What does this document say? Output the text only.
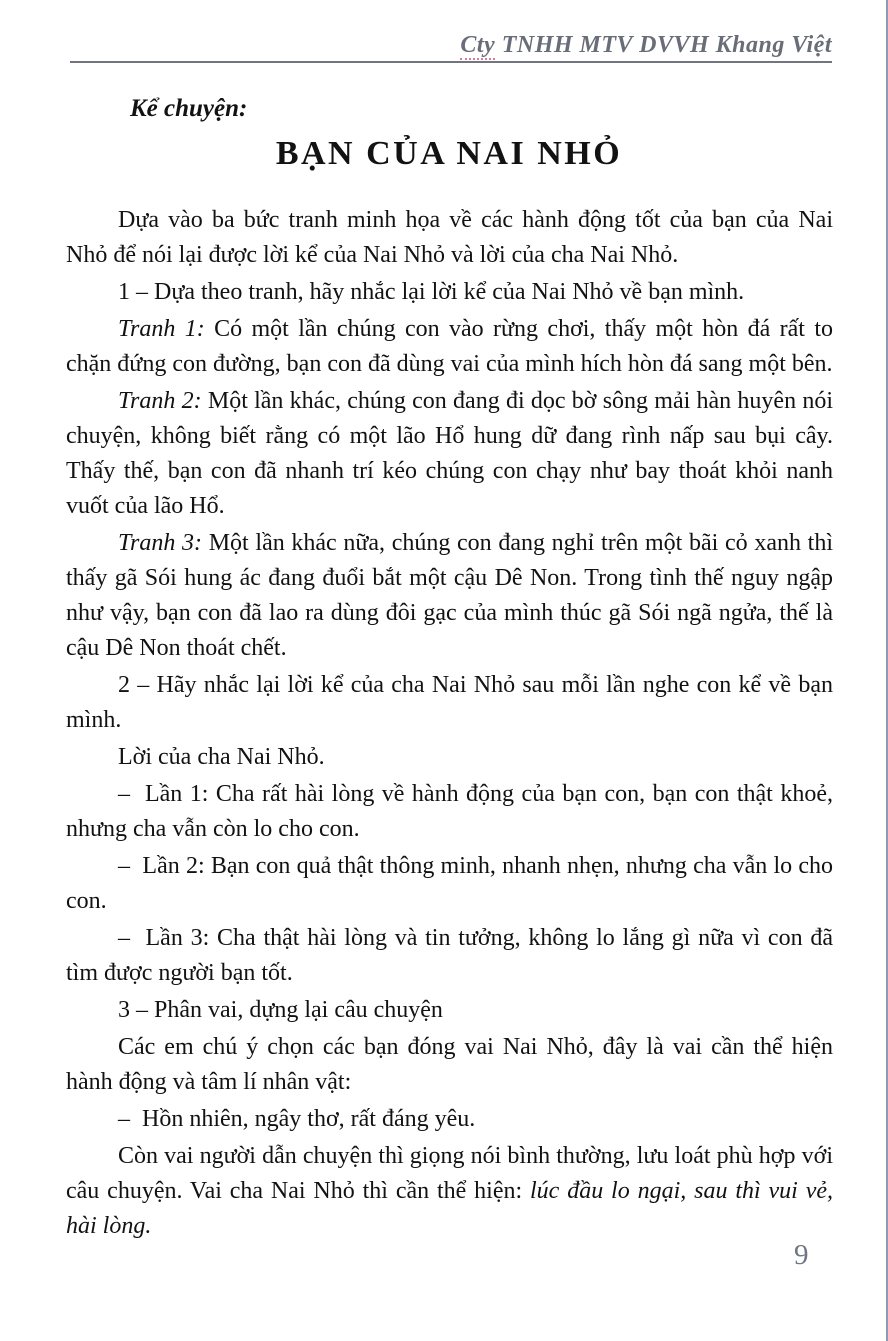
Cty TNHH MTV DVVH Khang Việt
Kể chuyện:
BẠN CỦA NAI NHỎ

Dựa vào ba bức tranh minh họa về các hành động tốt của bạn của Nai Nhỏ để nói lại được lời kể của Nai Nhỏ và lời của cha Nai Nhỏ.

1 – Dựa theo tranh, hãy nhắc lại lời kể của Nai Nhỏ về bạn mình.

Tranh 1: Có một lần chúng con vào rừng chơi, thấy một hòn đá rất to chặn đứng con đường, bạn con đã dùng vai của mình hích hòn đá sang một bên.

Tranh 2: Một lần khác, chúng con đang đi dọc bờ sông mải hàn huyên nói chuyện, không biết rằng có một lão Hổ hung dữ đang rình nấp sau bụi cây. Thấy thế, bạn con đã nhanh trí kéo chúng con chạy như bay thoát khỏi nanh vuốt của lão Hổ.

Tranh 3: Một lần khác nữa, chúng con đang nghỉ trên một bãi cỏ xanh thì thấy gã Sói hung ác đang đuổi bắt một cậu Dê Non. Trong tình thế nguy ngập như vậy, bạn con đã lao ra dùng đôi gạc của mình thúc gã Sói ngã ngửa, thế là cậu Dê Non thoát chết.

2 – Hãy nhắc lại lời kể của cha Nai Nhỏ sau mỗi lần nghe con kể về bạn mình.

Lời của cha Nai Nhỏ.

–  Lần 1: Cha rất hài lòng về hành động của bạn con, bạn con thật khoẻ, nhưng cha vẫn còn lo cho con.

–  Lần 2: Bạn con quả thật thông minh, nhanh nhẹn, nhưng cha vẫn lo cho con.

–  Lần 3: Cha thật hài lòng và tin tưởng, không lo lắng gì nữa vì con đã tìm được người bạn tốt.

3 – Phân vai, dựng lại câu chuyện

Các em chú ý chọn các bạn đóng vai Nai Nhỏ, đây là vai cần thể hiện hành động và tâm lí nhân vật:

–  Hồn nhiên, ngây thơ, rất đáng yêu.

Còn vai người dẫn chuyện thì giọng nói bình thường, lưu loát phù hợp với câu chuyện. Vai cha Nai Nhỏ thì cần thể hiện: lúc đầu lo ngại, sau thì vui vẻ, hài lòng.

9
